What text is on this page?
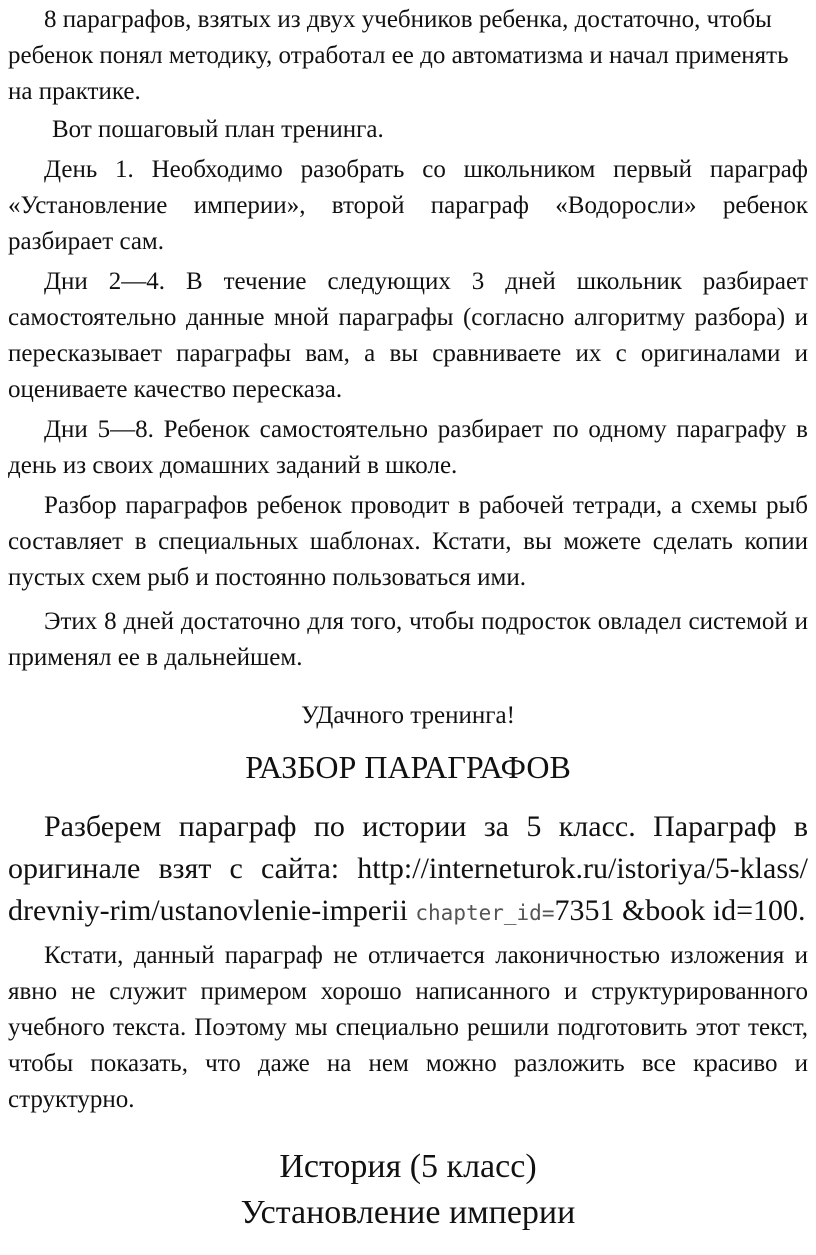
8 параграфов, взятых из двух учебников ребенка, достаточно, чтобы ребенок понял методику, отработал ее до автоматизма и начал применять на практике.

Вот пошаговый план тренинга.

День 1. Необходимо разобрать со школьником первый параграф «Установление империи», второй параграф «Водоросли» ребенок разбирает сам.

Дни 2—4. В течение следующих 3 дней школьник разбирает самостоятельно данные мной параграфы (согласно алгоритму разбора) и пересказывает параграфы вам, а вы сравниваете их с оригиналами и оцениваете качество пересказа.

Дни 5—8. Ребенок самостоятельно разбирает по одному параграфу в день из своих домашних заданий в школе.

Разбор параграфов ребенок проводит в рабочей тетради, а схемы рыб составляет в специальных шаблонах. Кстати, вы можете сделать копии пустых схем рыб и постоянно пользоваться ими.

Этих 8 дней достаточно для того, чтобы подросток овладел системой и применял ее в дальнейшем.

УДачного тренинга!

РАЗБОР ПАРАГРАФОВ

Разберем параграф по истории за 5 класс. Параграф в оригинале взят с сайта: http://interneturok.ru/istoriya/5-klass/ drevniy-rim/ustanovlenie-imperii chapter_id=7351 &book id=100.

Кстати, данный параграф не отличается лаконичностью изложения и явно не служит примером хорошо написанного и структурированного учебного текста. Поэтому мы специально решили подготовить этот текст, чтобы показать, что даже на нем можно разложить все красиво и структурно.

История (5 класс)

Установление империи
